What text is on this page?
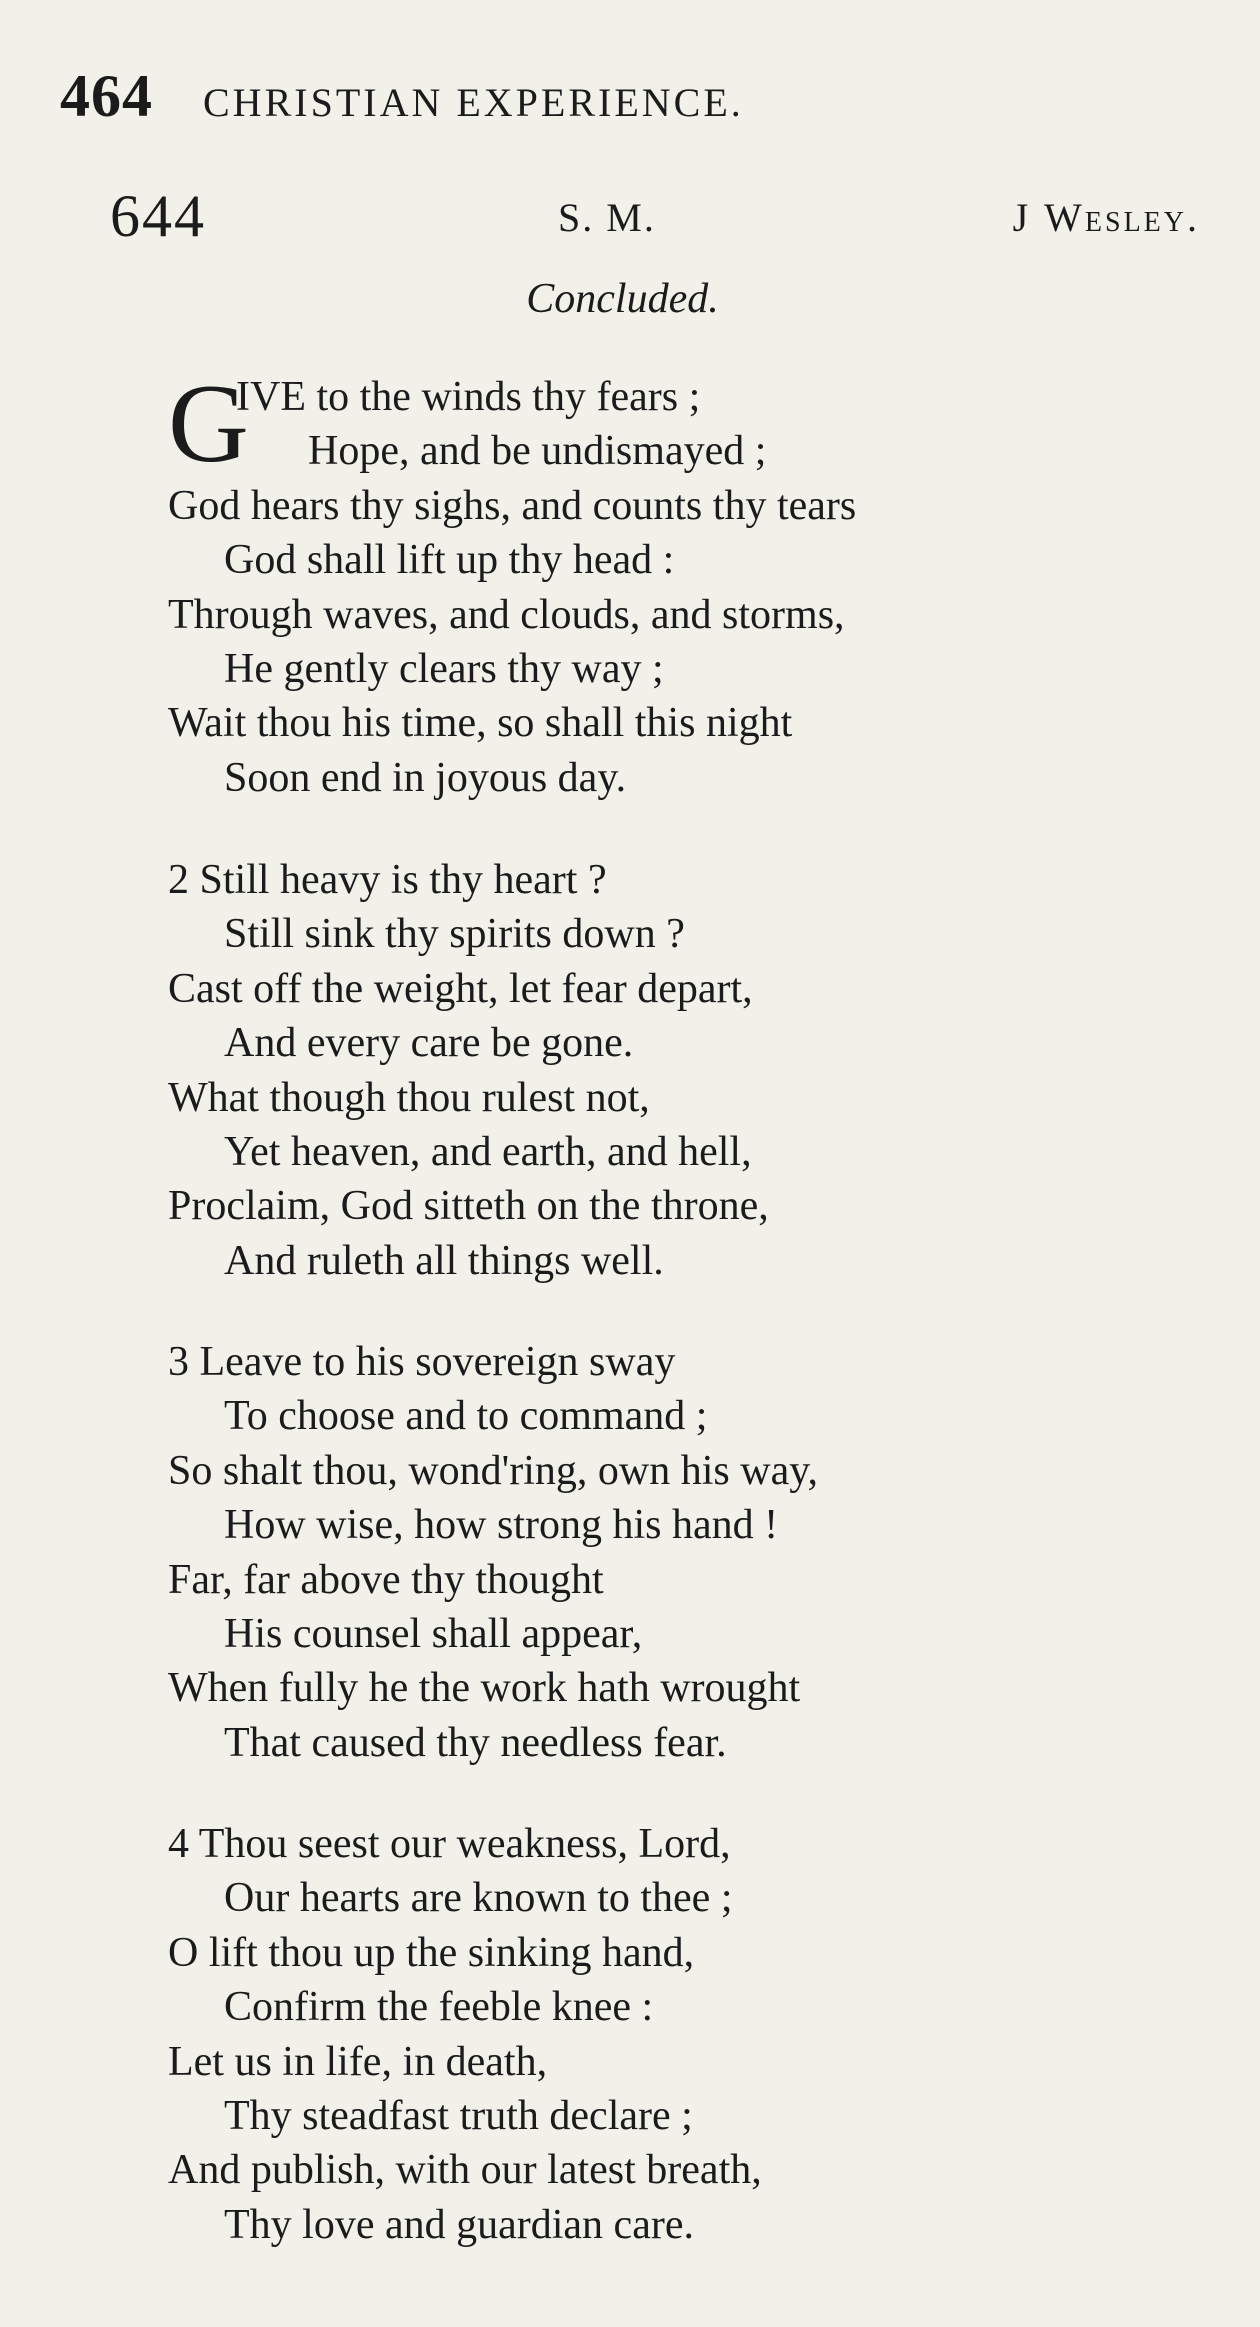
464 CHRISTIAN EXPERIENCE.
644	S. M.	J Wesley.
Concluded.
G
IVE to the winds thy fears ;
Hope, and be undismayed ;
God hears thy sighs, and counts thy tears
God shall lift up thy head :
Through waves, and clouds, and storms,
He gently clears thy way ;
Wait thou his time, so shall this night
Soon end in joyous day.
2 Still heavy is thy heart ?
Still sink thy spirits down ?
Cast off the weight, let fear depart,
And every care be gone.
What though thou rulest not,
Yet heaven, and earth, and hell,
Proclaim, God sitteth on the throne,
And ruleth all things well.
3 Leave to his sovereign sway
To choose and to command ;
So shalt thou, wond'ring, own his way,
How wise, how strong his hand !
Far, far above thy thought
His counsel shall appear,
When fully he the work hath wrought
That caused thy needless fear.
4 Thou seest our weakness, Lord,
Our hearts are known to thee ;
O lift thou up the sinking hand,
Confirm the feeble knee :
Let us in life, in death,
Thy steadfast truth declare ;
And publish, with our latest breath,
Thy love and guardian care.
